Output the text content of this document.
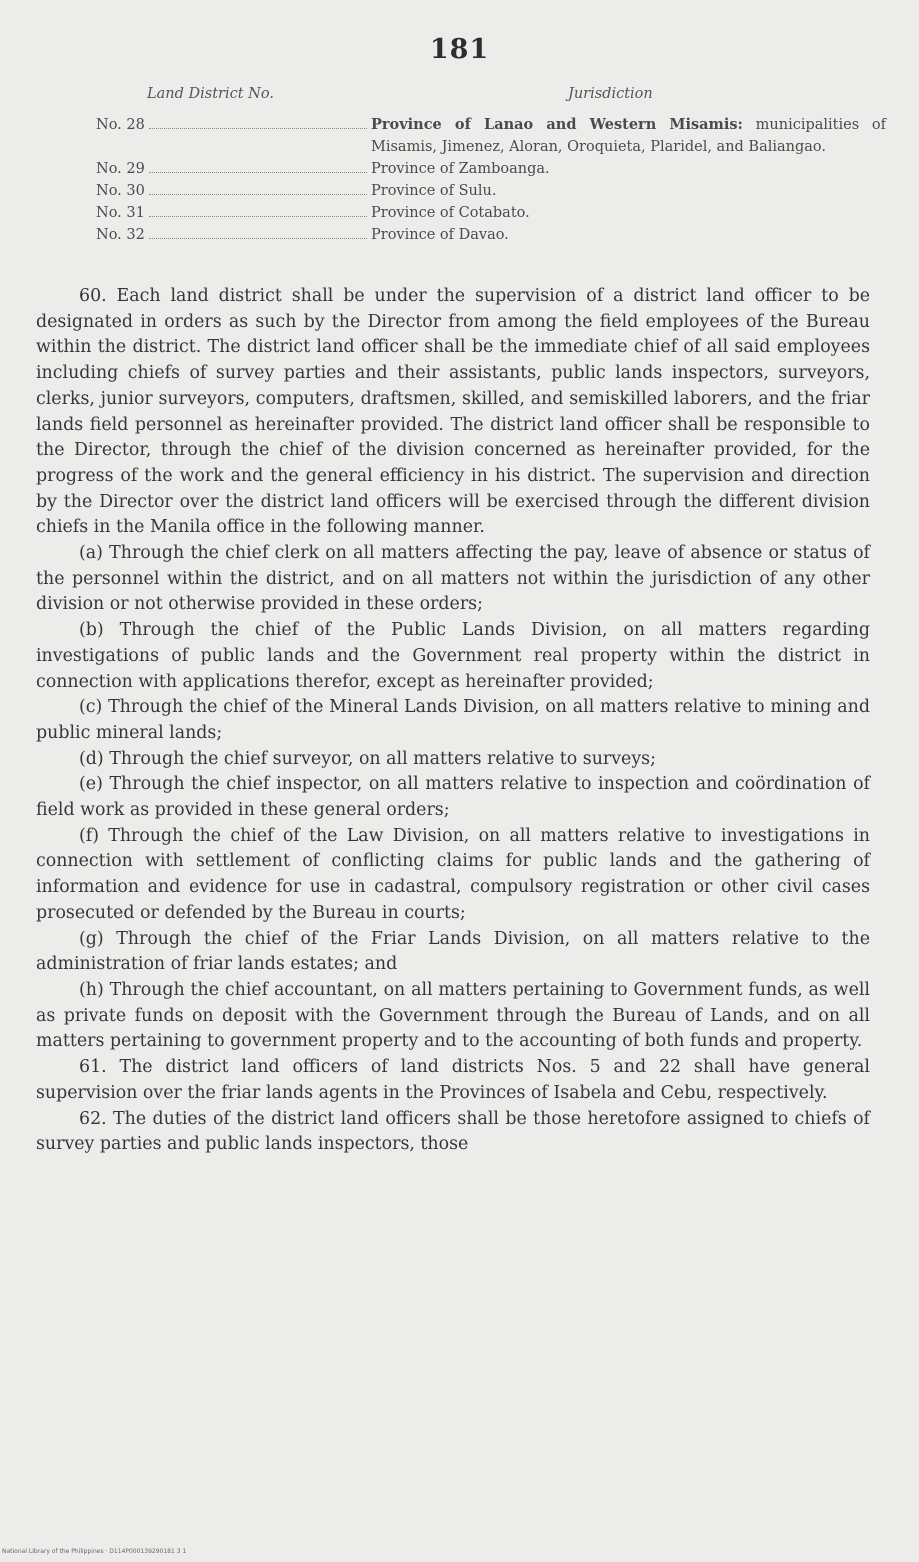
181
Land District No.	Jurisdiction
No. 28	Province of Lanao and Western Misamis: municipalities of Misamis, Jimenez, Aloran, Oroquieta, Plaridel, and Baliangao.
No. 29	Province of Zamboanga.
No. 30	Province of Sulu.
No. 31	Province of Cotabato.
No. 32	Province of Davao.

60. Each land district shall be under the supervision of a district land officer to be designated in orders as such by the Director from among the field employees of the Bureau within the district. The district land officer shall be the immediate chief of all said employees including chiefs of survey parties and their assistants, public lands inspectors, surveyors, clerks, junior surveyors, computers, draftsmen, skilled, and semiskilled laborers, and the friar lands field personnel as hereinafter provided. The district land officer shall be responsible to the Director, through the chief of the division concerned as hereinafter provided, for the progress of the work and the general efficiency in his district. The supervision and direction by the Director over the district land officers will be exercised through the different division chiefs in the Manila office in the following manner.

(a) Through the chief clerk on all matters affecting the pay, leave of absence or status of the personnel within the district, and on all matters not within the jurisdiction of any other division or not otherwise provided in these orders;

(b) Through the chief of the Public Lands Division, on all matters regarding investigations of public lands and the Government real property within the district in connection with applications therefor, except as hereinafter provided;

(c) Through the chief of the Mineral Lands Division, on all matters relative to mining and public mineral lands;

(d) Through the chief surveyor, on all matters relative to surveys;

(e) Through the chief inspector, on all matters relative to inspection and coördination of field work as provided in these general orders;

(f) Through the chief of the Law Division, on all matters relative to investigations in connection with settlement of conflicting claims for public lands and the gathering of information and evidence for use in cadastral, compulsory registration or other civil cases prosecuted or defended by the Bureau in courts;

(g) Through the chief of the Friar Lands Division, on all matters relative to the administration of friar lands estates; and

(h) Through the chief accountant, on all matters pertaining to Government funds, as well as private funds on deposit with the Government through the Bureau of Lands, and on all matters pertaining to government property and to the accounting of both funds and property.

61. The district land officers of land districts Nos. 5 and 22 shall have general supervision over the friar lands agents in the Provinces of Isabela and Cebu, respectively.

62. The duties of the district land officers shall be those heretofore assigned to chiefs of survey parties and public lands inspectors, those

National Library of the Philippines · D114P000139290181 3 1
